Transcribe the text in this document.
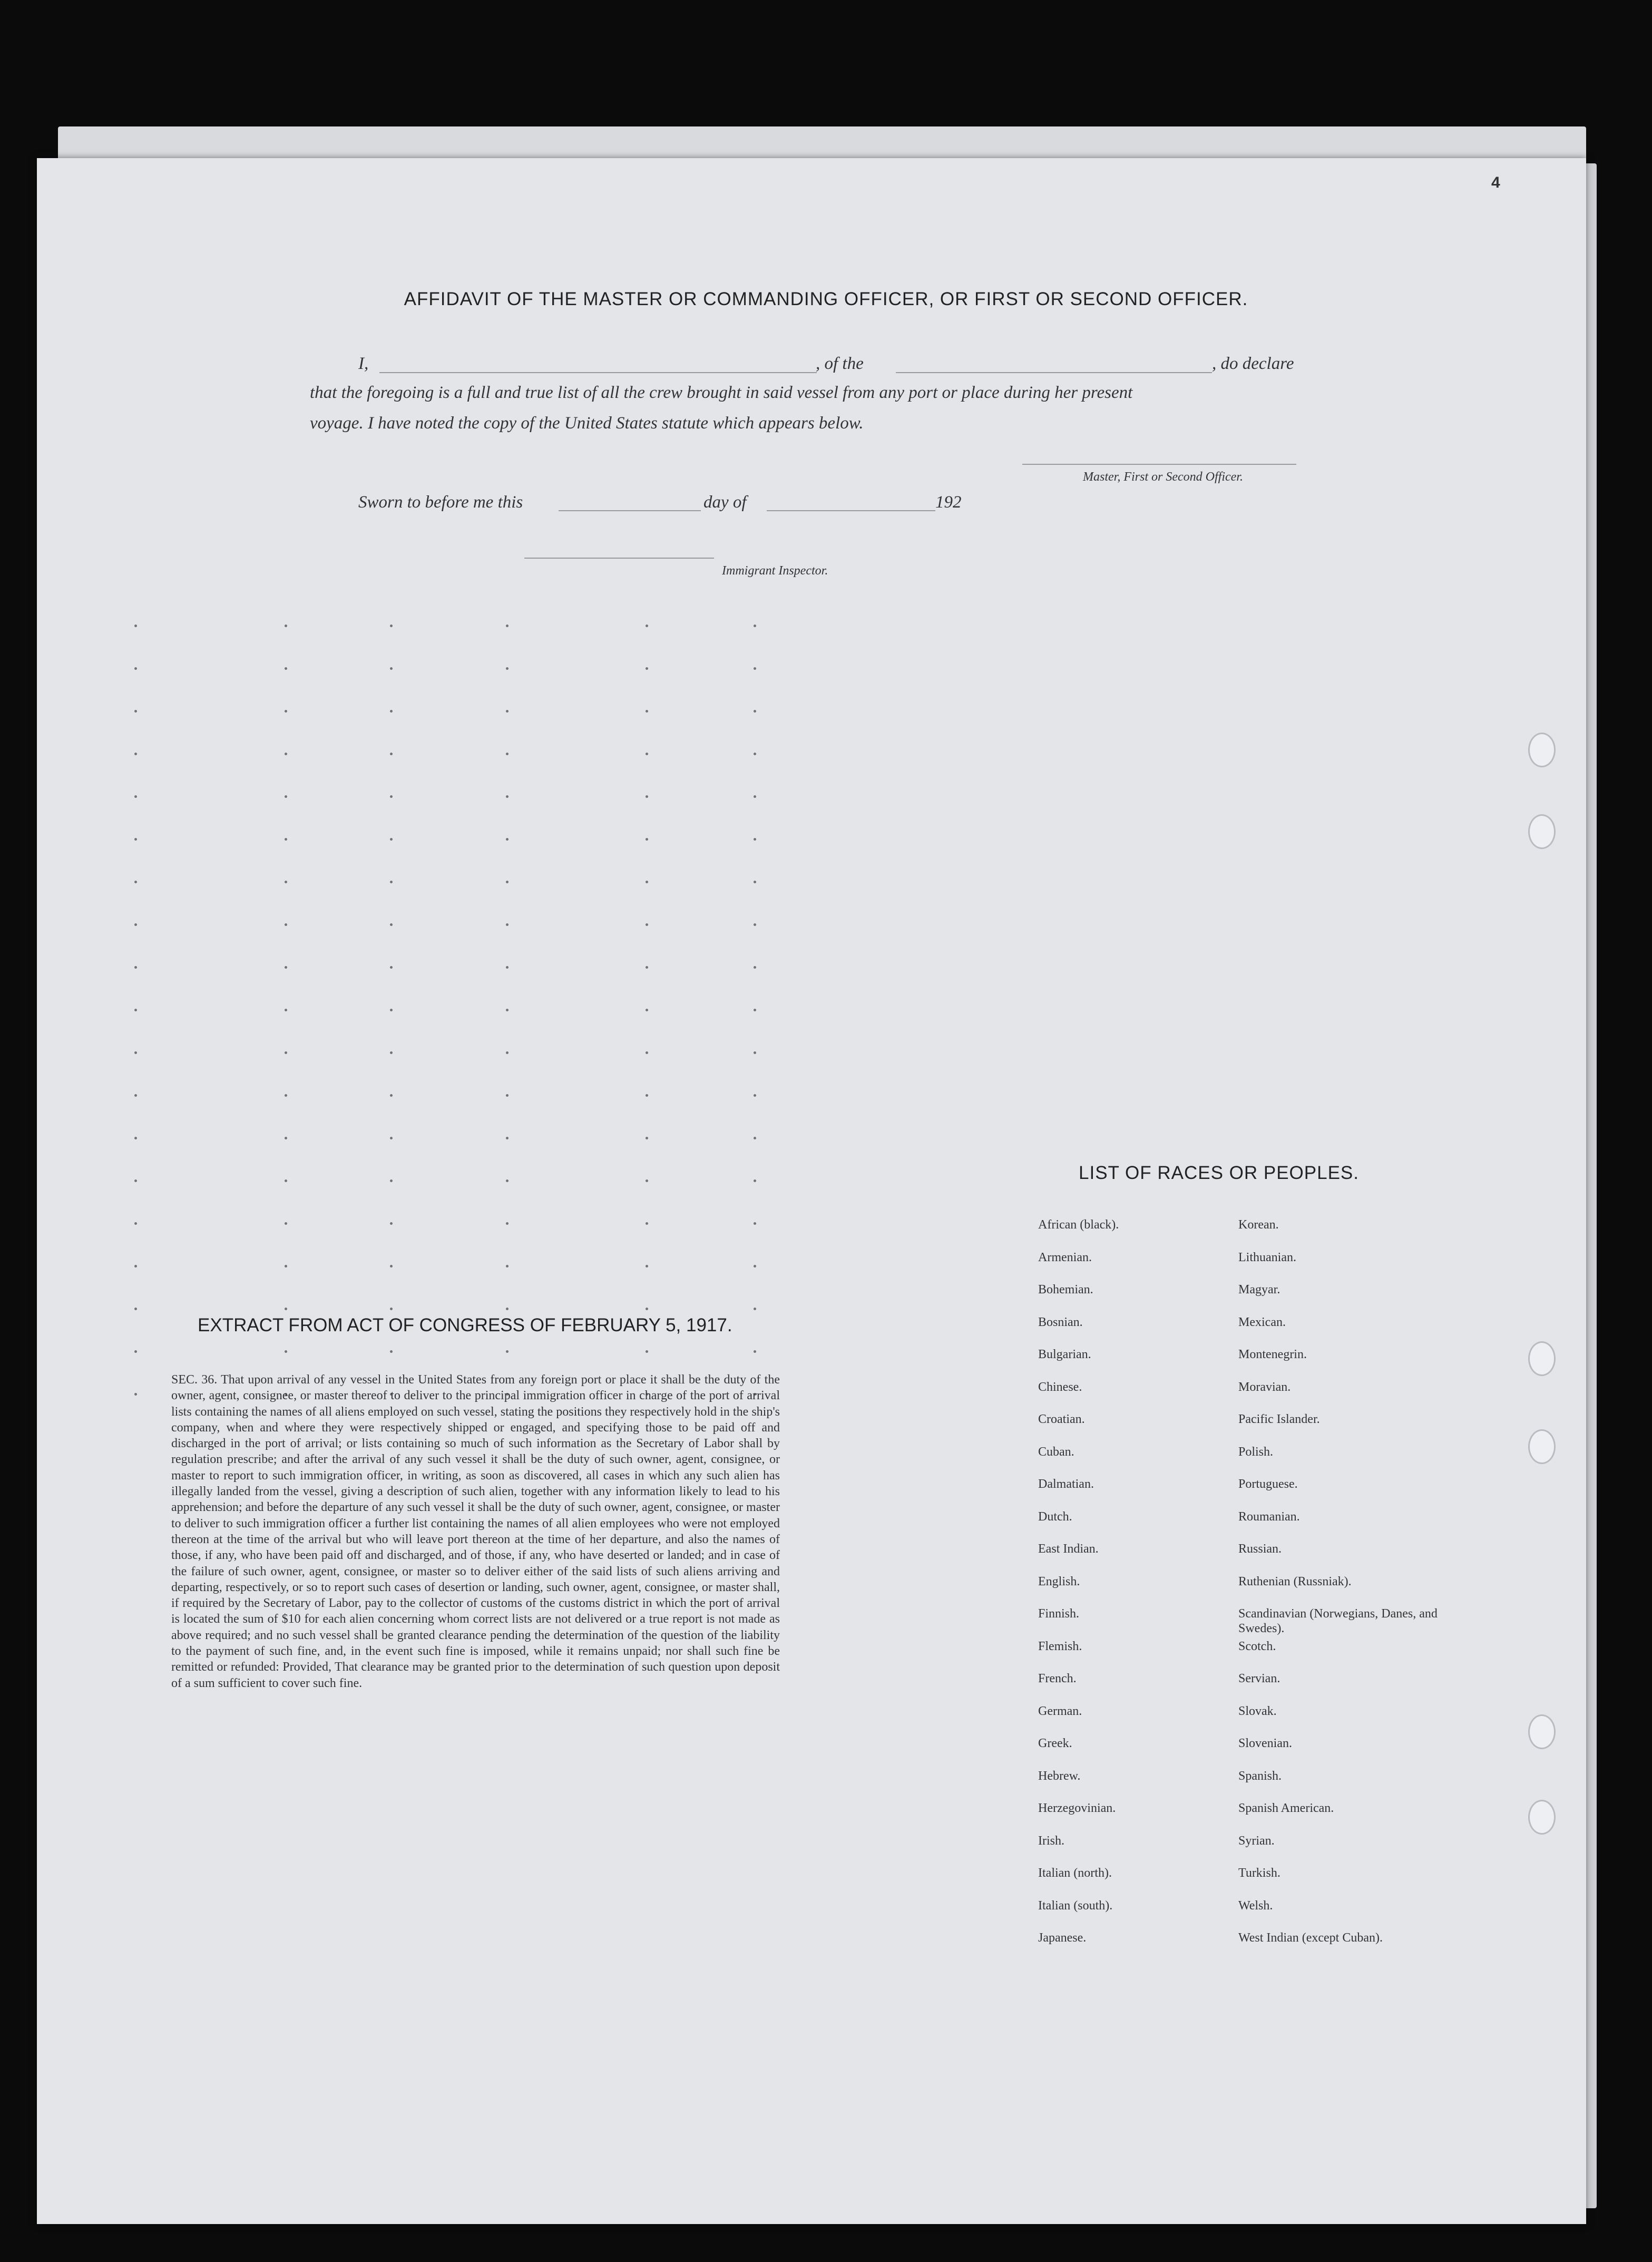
4
AFFIDAVIT OF THE MASTER OR COMMANDING OFFICER, OR FIRST OR SECOND OFFICER.
I,	, of the	, do declare
that the foregoing is a full and true list of all the crew brought in said vessel from any port or place during her present
voyage. I have noted the copy of the United States statute which appears below.
Master, First or Second Officer.
Sworn to before me this	day of	192
Immigrant Inspector.
EXTRACT FROM ACT OF CONGRESS OF FEBRUARY 5, 1917.
SEC. 36. That upon arrival of any vessel in the United States from any foreign port or place it shall be the duty of the owner, agent, consignee, or master thereof to deliver to the principal immigration officer in charge of the port of arrival lists containing the names of all aliens employed on such vessel, stating the positions they respectively hold in the ship's company, when and where they were respectively shipped or engaged, and specifying those to be paid off and discharged in the port of arrival; or lists containing so much of such information as the Secretary of Labor shall by regulation prescribe; and after the arrival of any such vessel it shall be the duty of such owner, agent, consignee, or master to report to such immigration officer, in writing, as soon as discovered, all cases in which any such alien has illegally landed from the vessel, giving a description of such alien, together with any information likely to lead to his apprehension; and before the departure of any such vessel it shall be the duty of such owner, agent, consignee, or master to deliver to such immigration officer a further list containing the names of all alien employees who were not employed thereon at the time of the arrival but who will leave port thereon at the time of her departure, and also the names of those, if any, who have been paid off and discharged, and of those, if any, who have deserted or landed; and in case of the failure of such owner, agent, consignee, or master so to deliver either of the said lists of such aliens arriving and departing, respectively, or so to report such cases of desertion or landing, such owner, agent, consignee, or master shall, if required by the Secretary of Labor, pay to the collector of customs of the customs district in which the port of arrival is located the sum of $10 for each alien concerning whom correct lists are not delivered or a true report is not made as above required; and no such vessel shall be granted clearance pending the determination of the question of the liability to the payment of such fine, and, in the event such fine is imposed, while it remains unpaid; nor shall such fine be remitted or refunded: Provided, That clearance may be granted prior to the determination of such question upon deposit of a sum sufficient to cover such fine.
LIST OF RACES OR PEOPLES.
African (black).	Korean.
Armenian.	Lithuanian.
Bohemian.	Magyar.
Bosnian.	Mexican.
Bulgarian.	Montenegrin.
Chinese.	Moravian.
Croatian.	Pacific Islander.
Cuban.	Polish.
Dalmatian.	Portuguese.
Dutch.	Roumanian.
East Indian.	Russian.
English.	Ruthenian (Russniak).
Finnish.	Scandinavian (Norwegians, Danes, and Swedes).
Flemish.	Scotch.
French.	Servian.
German.	Slovak.
Greek.	Slovenian.
Hebrew.	Spanish.
Herzegovinian.	Spanish American.
Irish.	Syrian.
Italian (north).	Turkish.
Italian (south).	Welsh.
Japanese.	West Indian (except Cuban).
